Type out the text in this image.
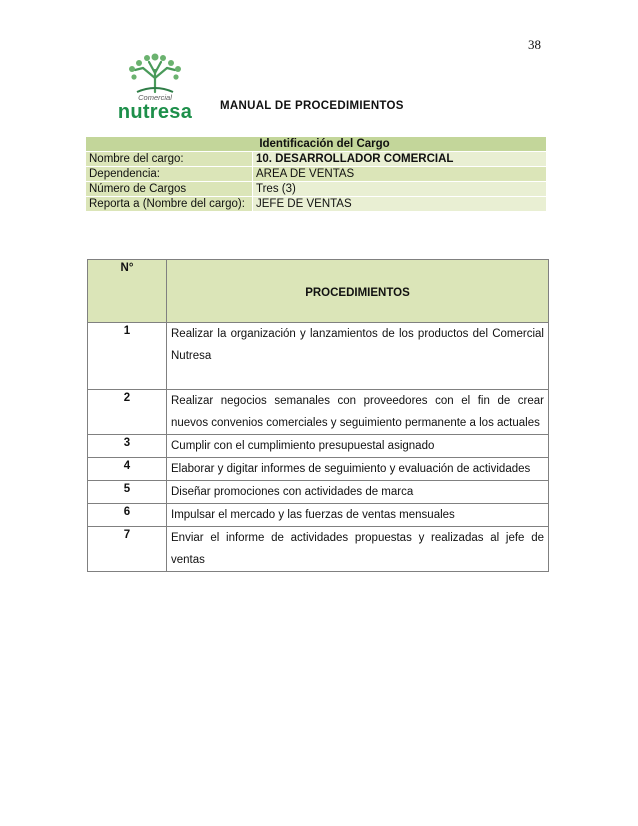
38
Comercial
nutresa	MANUAL DE PROCEDIMIENTOS
Identificación del Cargo	
Nombre del cargo:	10. DESARROLLADOR COMERCIAL
Dependencia:	AREA DE VENTAS
Número de Cargos	Tres (3)
Reporta a (Nombre del cargo):	JEFE DE VENTAS
N°	PROCEDIMIENTOS
1	Realizar la organización y lanzamientos de los productos del Comercial Nutresa
2	Realizar negocios semanales con proveedores con el fin de crear nuevos convenios comerciales y seguimiento permanente a los actuales
3	Cumplir con el cumplimiento presupuestal asignado
4	Elaborar y digitar informes de seguimiento y evaluación de actividades
5	Diseñar promociones con actividades de marca
6	Impulsar el mercado y las fuerzas de ventas mensuales
7	Enviar el informe de actividades propuestas y realizadas al jefe de ventas
